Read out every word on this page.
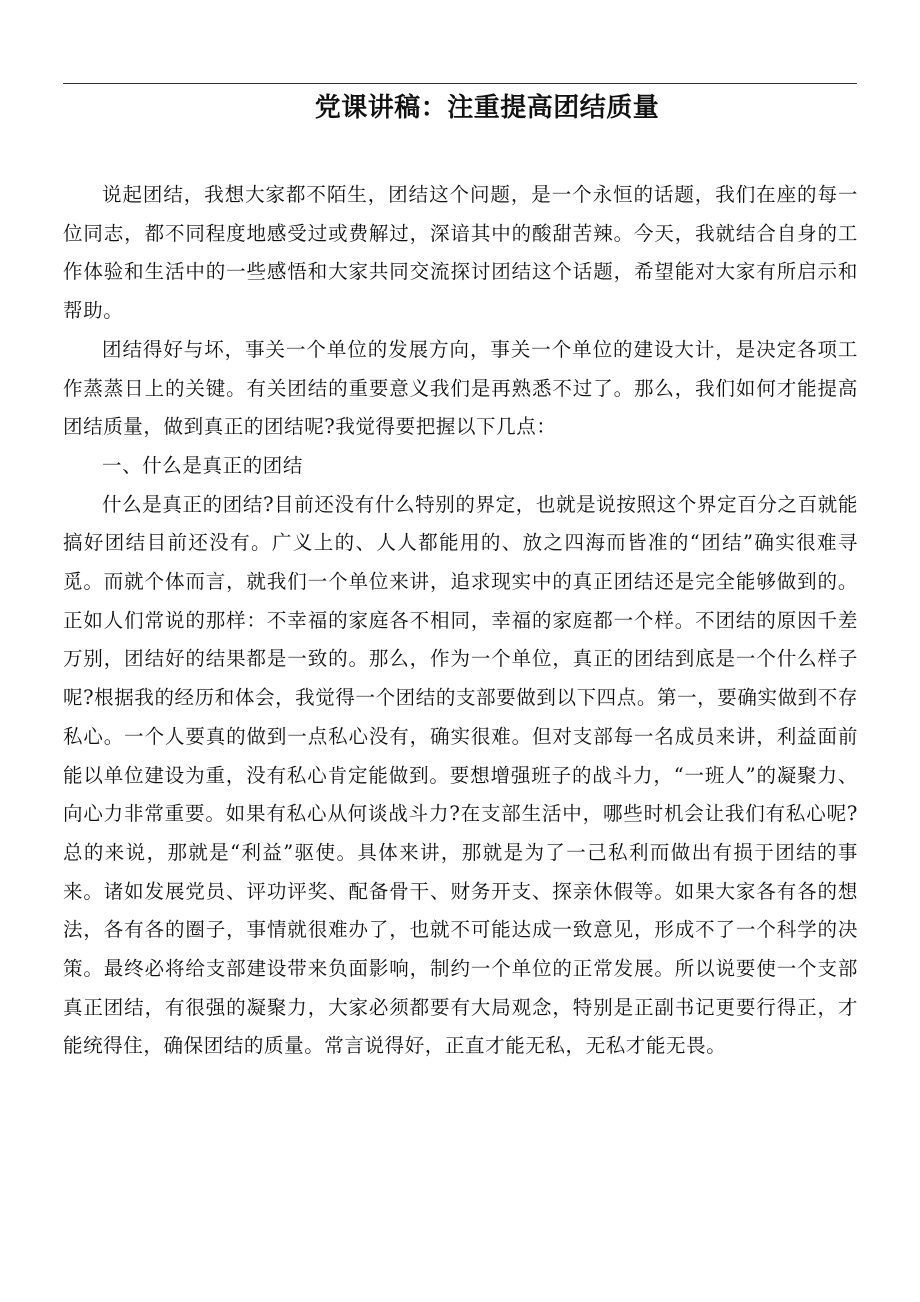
党课讲稿：注重提高团结质量

说起团结，我想大家都不陌生，团结这个问题，是一个永恒的话题，我们在座的每一位同志，都不同程度地感受过或费解过，深谙其中的酸甜苦辣。今天，我就结合自身的工作体验和生活中的一些感悟和大家共同交流探讨团结这个话题，希望能对大家有所启示和帮助。

团结得好与坏，事关一个单位的发展方向，事关一个单位的建设大计，是决定各项工作蒸蒸日上的关键。有关团结的重要意义我们是再熟悉不过了。那么，我们如何才能提高团结质量，做到真正的团结呢?我觉得要把握以下几点：

一、什么是真正的团结

什么是真正的团结?目前还没有什么特别的界定，也就是说按照这个界定百分之百就能搞好团结目前还没有。广义上的、人人都能用的、放之四海而皆准的“团结”确实很难寻觅。而就个体而言，就我们一个单位来讲，追求现实中的真正团结还是完全能够做到的。正如人们常说的那样：不幸福的家庭各不相同，幸福的家庭都一个样。不团结的原因千差万别，团结好的结果都是一致的。那么，作为一个单位，真正的团结到底是一个什么样子呢?根据我的经历和体会，我觉得一个团结的支部要做到以下四点。第一，要确实做到不存私心。一个人要真的做到一点私心没有，确实很难。但对支部每一名成员来讲，利益面前能以单位建设为重，没有私心肯定能做到。要想增强班子的战斗力，“一班人”的凝聚力、向心力非常重要。如果有私心从何谈战斗力?在支部生活中，哪些时机会让我们有私心呢?总的来说，那就是“利益”驱使。具体来讲，那就是为了一己私利而做出有损于团结的事来。诸如发展党员、评功评奖、配备骨干、财务开支、探亲休假等。如果大家各有各的想法，各有各的圈子，事情就很难办了，也就不可能达成一致意见，形成不了一个科学的决策。最终必将给支部建设带来负面影响，制约一个单位的正常发展。所以说要使一个支部真正团结，有很强的凝聚力，大家必须都要有大局观念，特别是正副书记更要行得正，才能统得住，确保团结的质量。常言说得好，正直才能无私，无私才能无畏。
